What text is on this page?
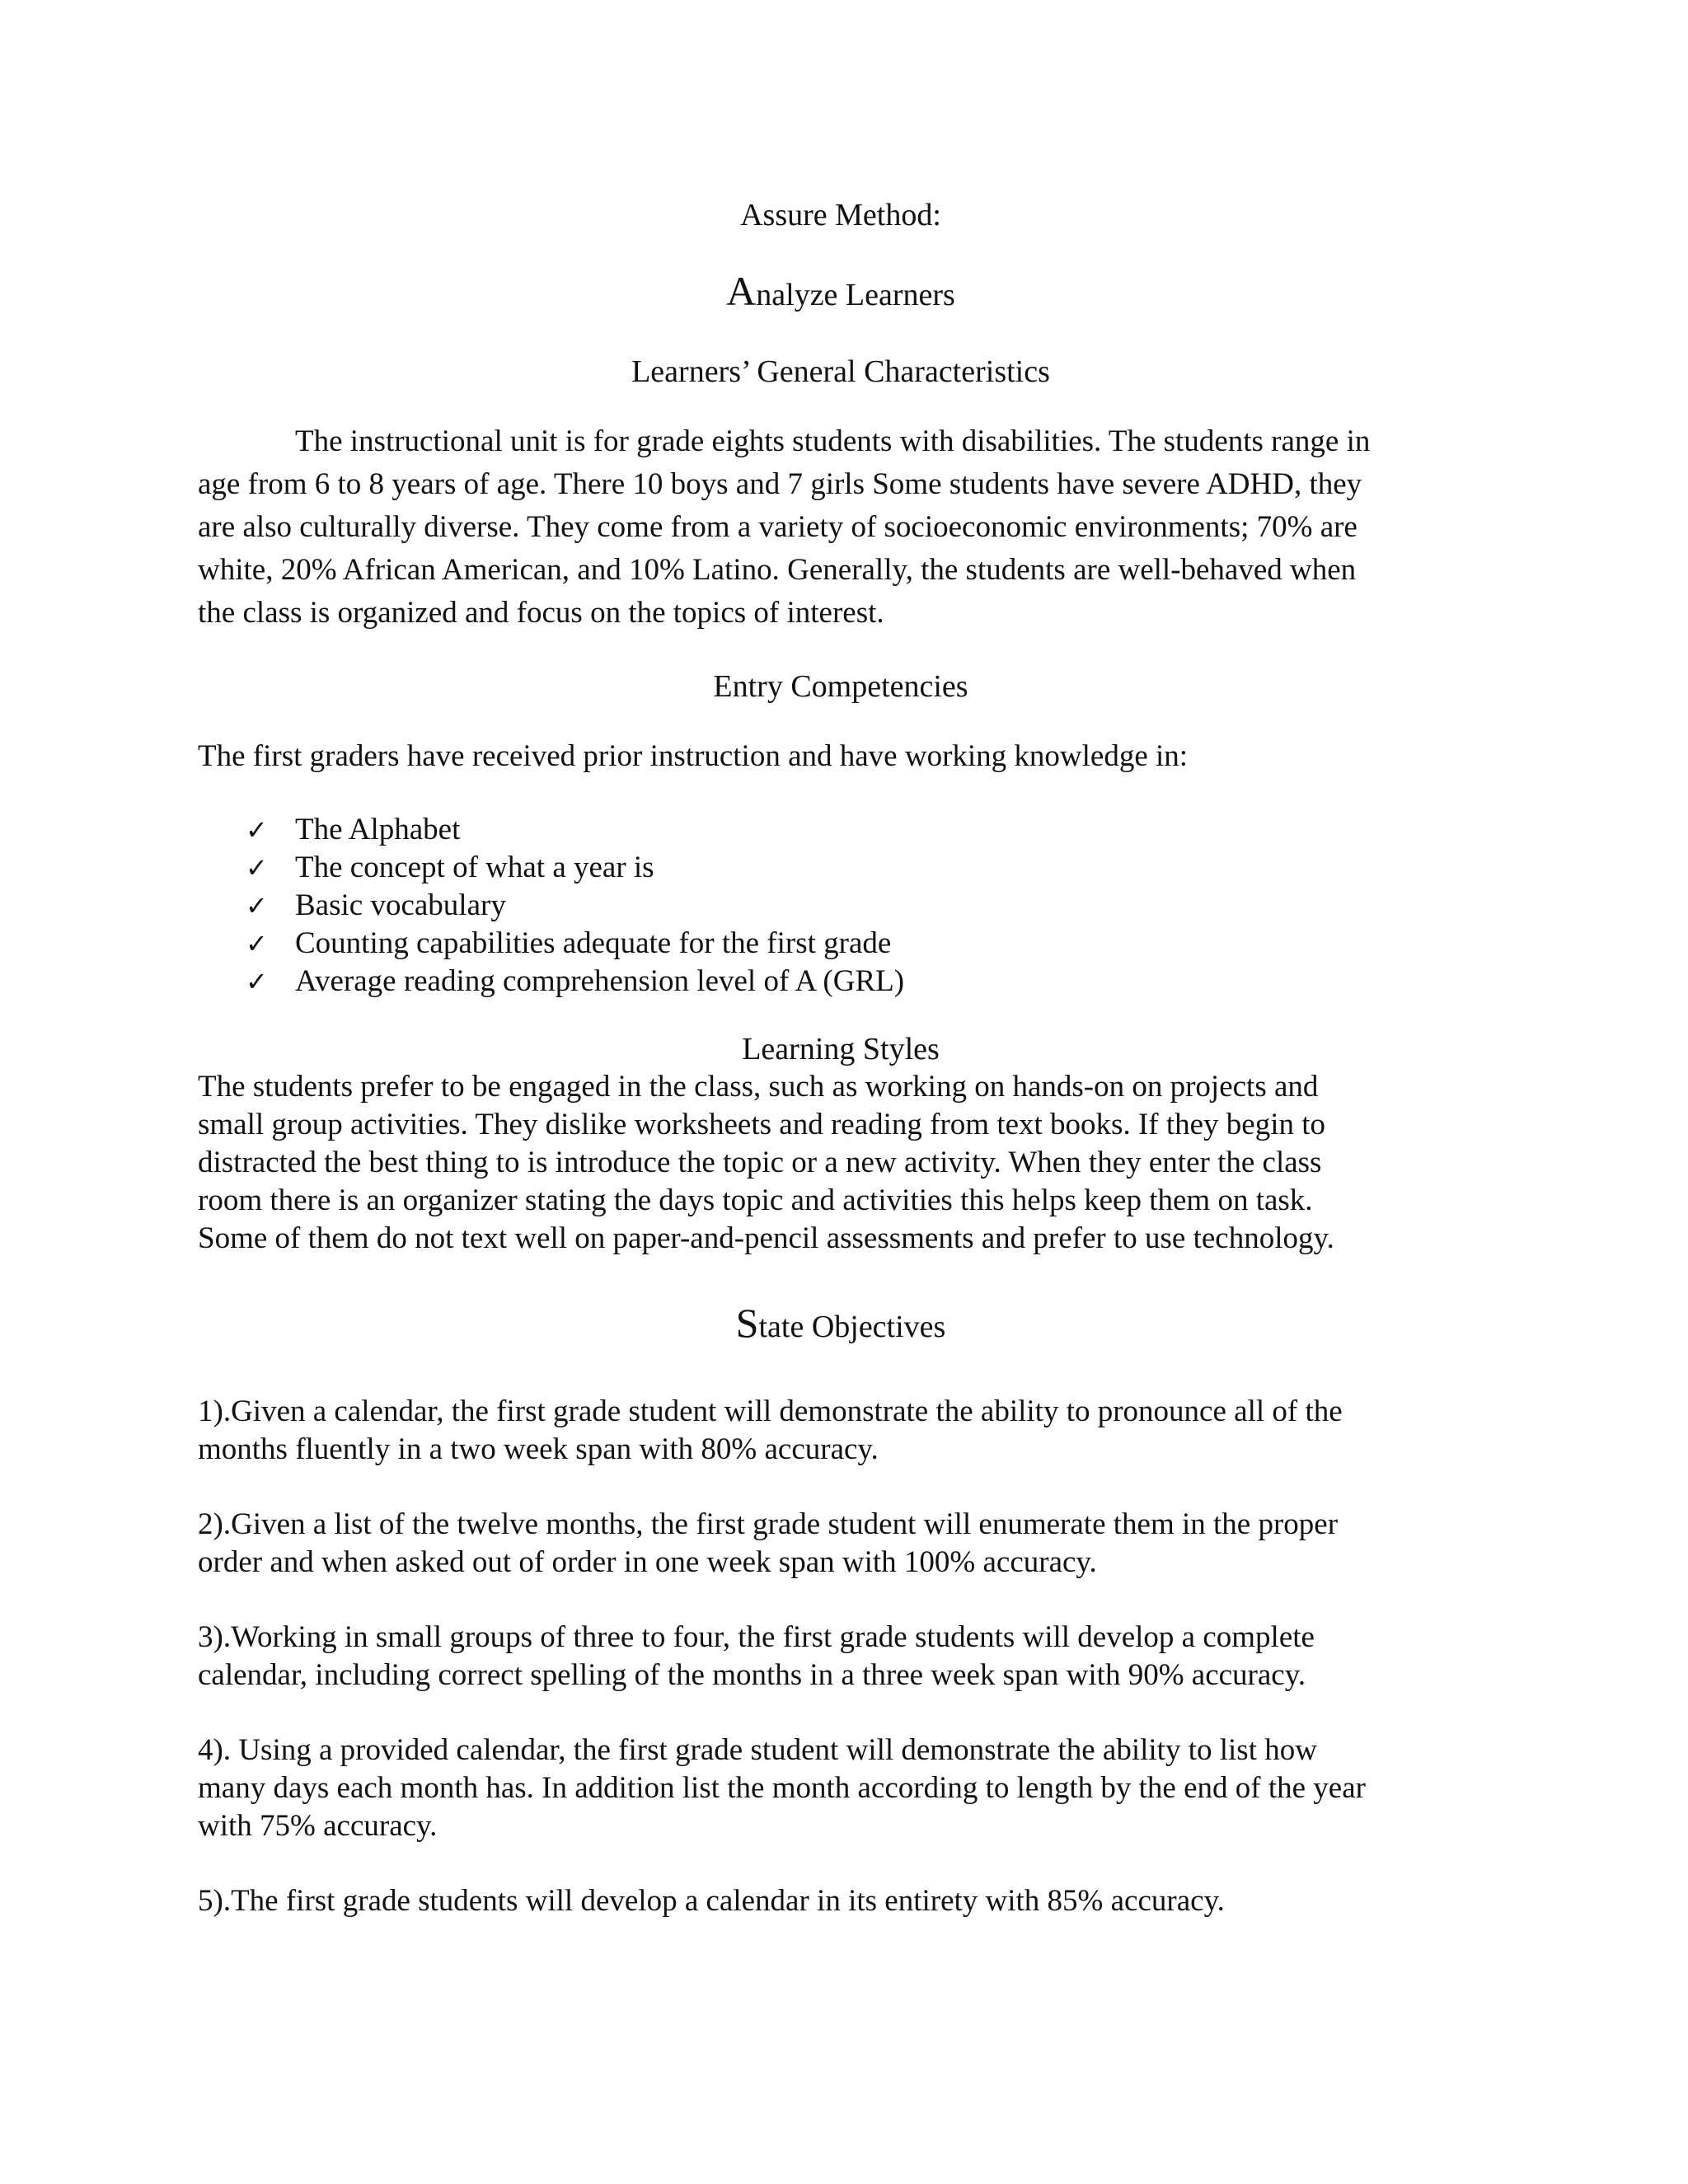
Assure Method:
Analyze Learners
Learners’ General Characteristics
The instructional unit is for grade eights students with disabilities. The students range in
age from 6 to 8 years of age. There 10 boys and 7 girls Some students have severe ADHD, they
are also culturally diverse. They come from a variety of socioeconomic environments; 70% are
white, 20% African American, and 10% Latino. Generally, the students are well-behaved when
the class is organized and focus on the topics of interest.
Entry Competencies
The first graders have received prior instruction and have working knowledge in:
✓ The Alphabet
✓ The concept of what a year is
✓ Basic vocabulary
✓ Counting capabilities adequate for the first grade
✓ Average reading comprehension level of A (GRL)
Learning Styles
The students prefer to be engaged in the class, such as working on hands-on on projects and
small group activities. They dislike worksheets and reading from text books. If they begin to
distracted the best thing to is introduce the topic or a new activity. When they enter the class
room there is an organizer stating the days topic and activities this helps keep them on task.
Some of them do not text well on paper-and-pencil assessments and prefer to use technology.
State Objectives
1).Given a calendar, the first grade student will demonstrate the ability to pronounce all of the
months fluently in a two week span with 80% accuracy.
2).Given a list of the twelve months, the first grade student will enumerate them in the proper
order and when asked out of order in one week span with 100% accuracy.
3).Working in small groups of three to four, the first grade students will develop a complete
calendar, including correct spelling of the months in a three week span with 90% accuracy.
4). Using a provided calendar, the first grade student will demonstrate the ability to list how
many days each month has. In addition list the month according to length by the end of the year
with 75% accuracy.
5).The first grade students will develop a calendar in its entirety with 85% accuracy.
